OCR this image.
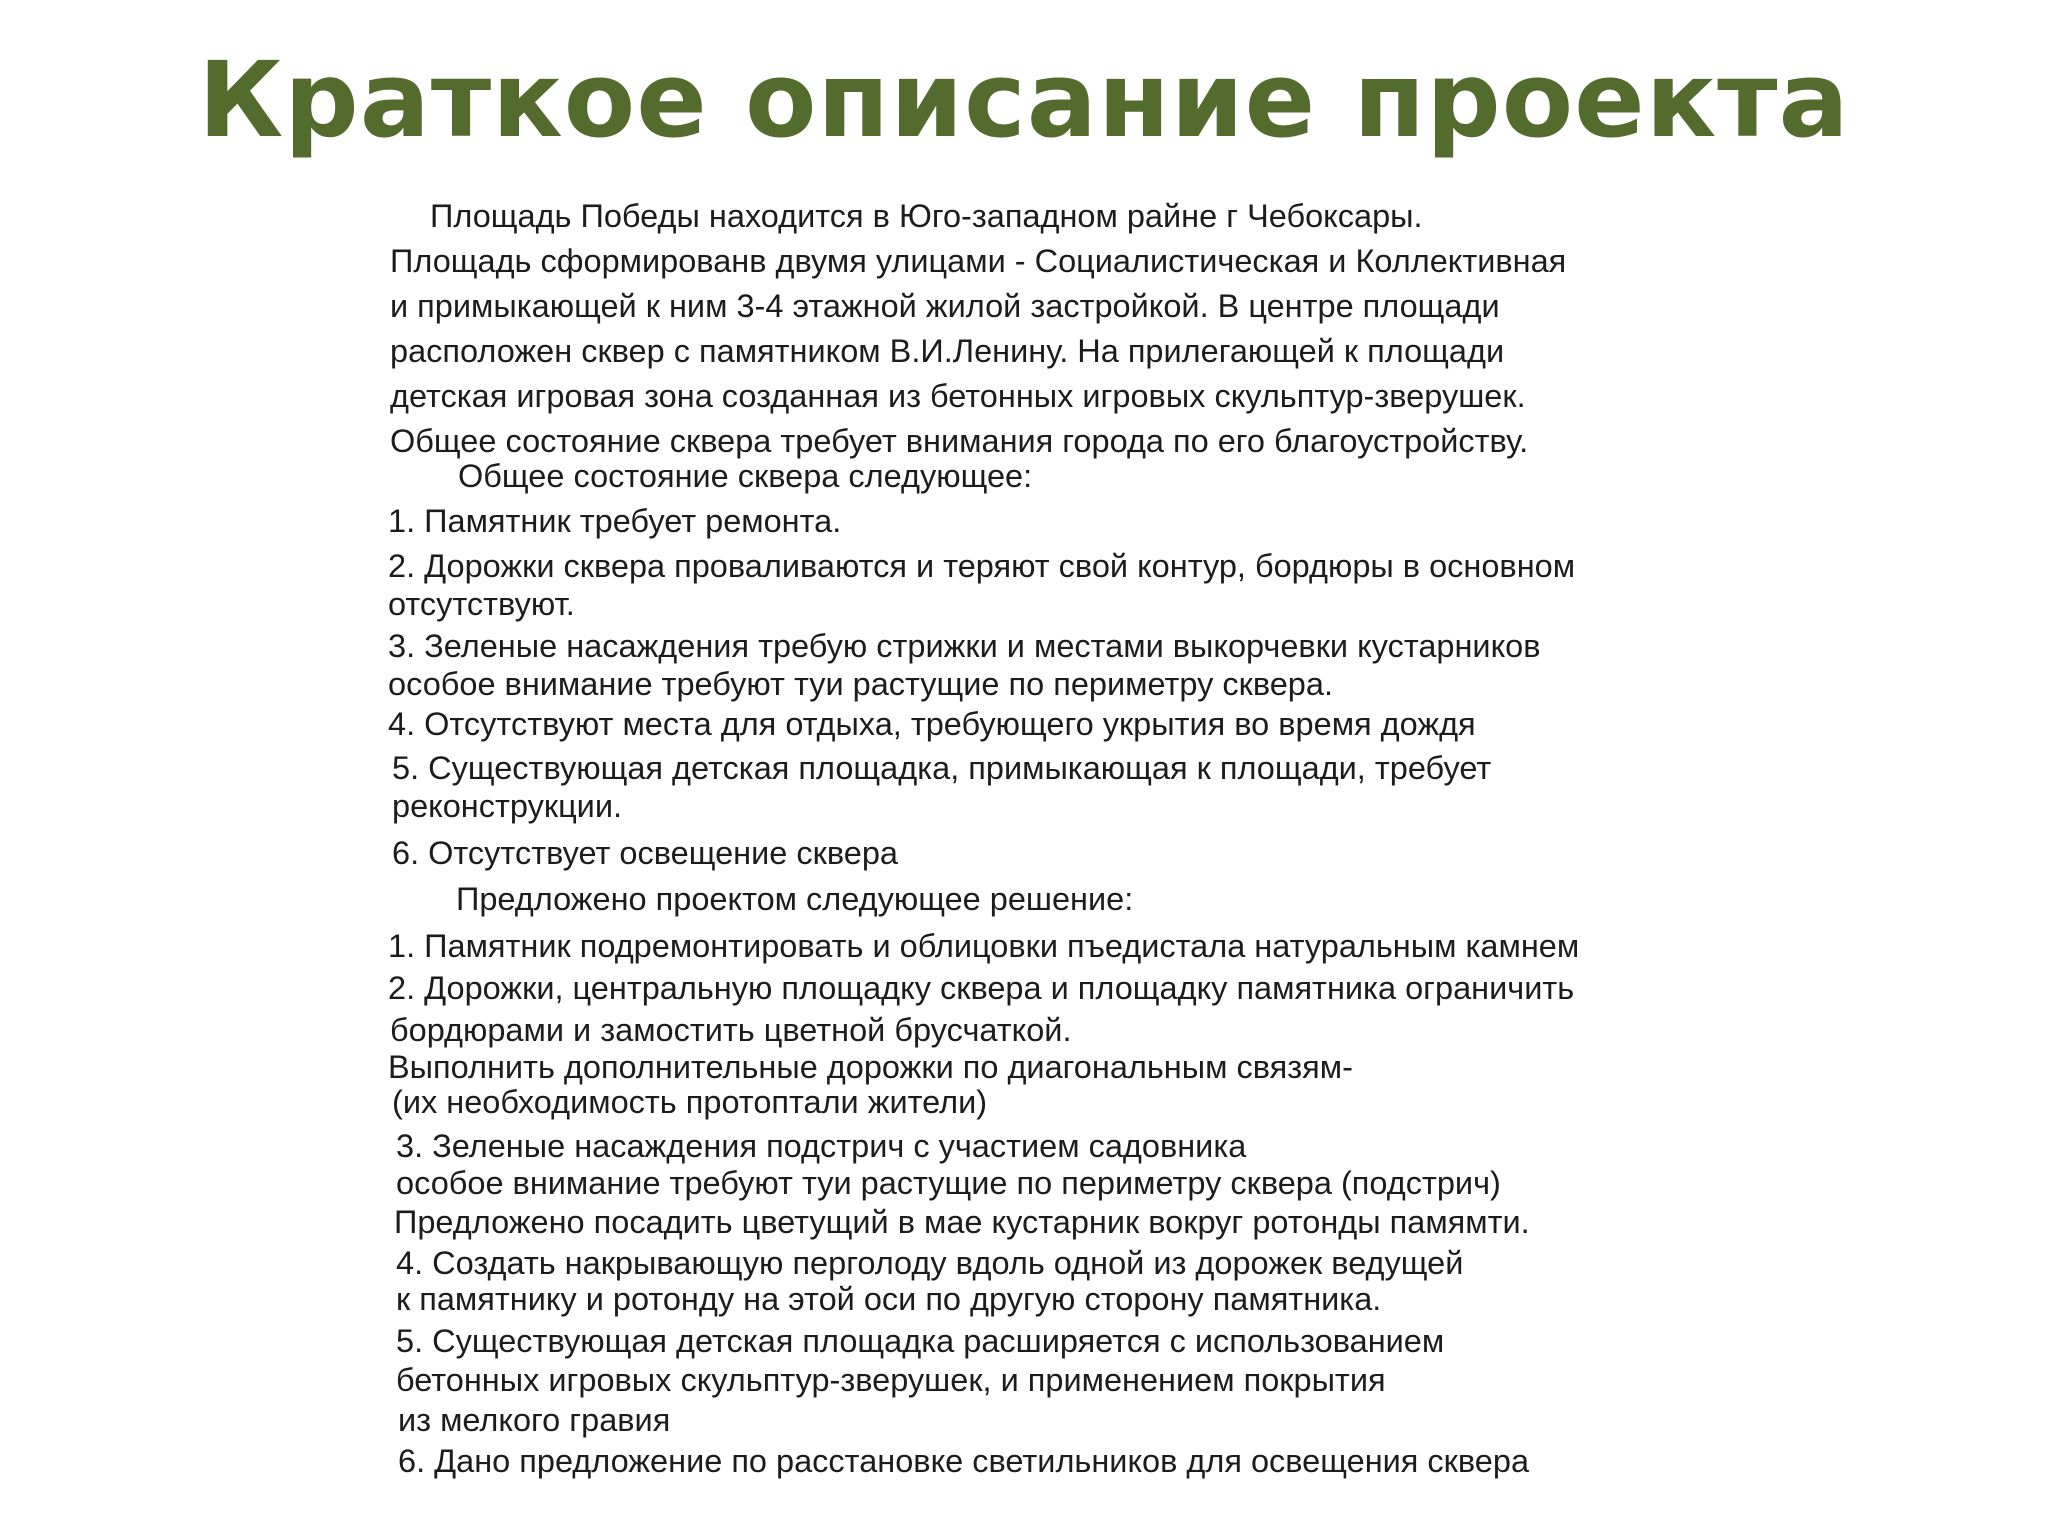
Краткое описание проекта
Площадь Победы находится в Юго-западном райне г Чебоксары.
Площадь сформированв двумя улицами - Социалистическая и Коллективная
и примыкающей к ним 3-4 этажной жилой застройкой. В центре площади
расположен сквер с памятником В.И.Ленину. На прилегающей к площади
детская игровая зона созданная из бетонных игровых скульптур-зверушек.
Общее состояние сквера требует внимания города по его благоустройству.
Общее состояние сквера следующее:
1. Памятник требует ремонта.
2. Дорожки сквера проваливаются и теряют свой контур, бордюры в основном
отсутствуют.
3. Зеленые насаждения требую стрижки и местами выкорчевки кустарников
особое внимание требуют туи растущие по периметру сквера.
4. Отсутствуют места для отдыха, требующего укрытия во время дождя
5. Существующая детская площадка, примыкающая к площади, требует
реконструкции.
6. Отсутствует освещение сквера
Предложено проектом следующее решение:
1. Памятник подремонтировать и облицовки пъедистала натуральным камнем
2. Дорожки, центральную площадку сквера и площадку памятника ограничить
бордюрами и замостить цветной брусчаткой.
Выполнить дополнительные дорожки по диагональным связям-
(их необходимость протоптали жители)
3. Зеленые насаждения подстрич с участием садовника
особое внимание требуют туи растущие по периметру сквера (подстрич)
Предложено посадить цветущий в мае кустарник вокруг ротонды памямти.
4. Создать накрывающую перголоду вдоль одной из дорожек ведущей
к памятнику и ротонду на этой оси по другую сторону памятника.
5. Существующая детская площадка расширяется с использованием
бетонных игровых скульптур-зверушек, и применением покрытия
из мелкого гравия
6. Дано предложение по расстановке светильников для освещения сквера
